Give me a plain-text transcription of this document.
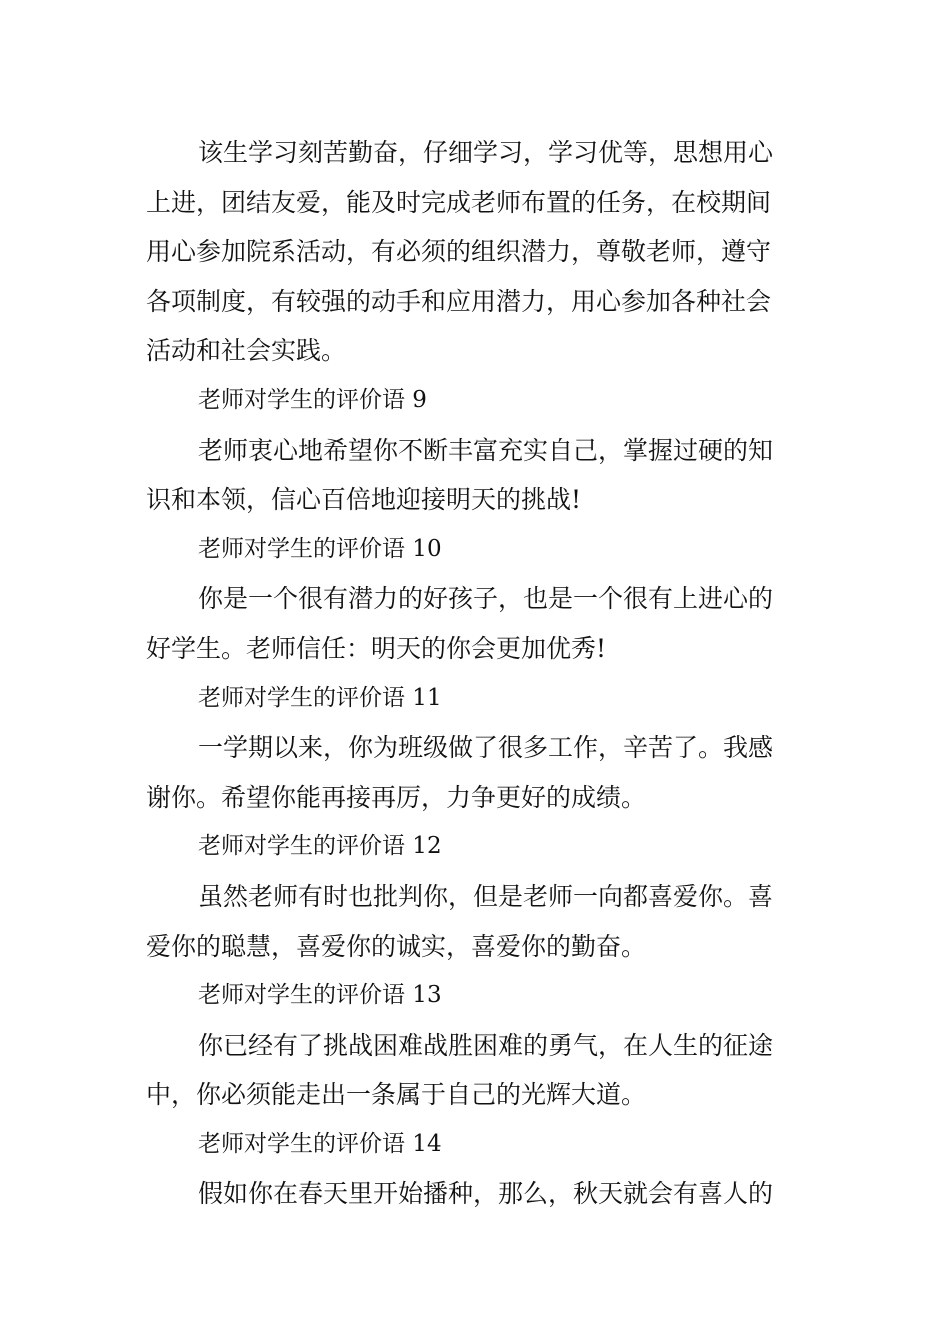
该生学习刻苦勤奋，仔细学习，学习优等，思想用心
上进，团结友爱，能及时完成老师布置的任务，在校期间
用心参加院系活动，有必须的组织潜力，尊敬老师，遵守
各项制度，有较强的动手和应用潜力，用心参加各种社会
活动和社会实践。
老师对学生的评价语 9
老师衷心地希望你不断丰富充实自己，掌握过硬的知
识和本领，信心百倍地迎接明天的挑战!
老师对学生的评价语 10
你是一个很有潜力的好孩子，也是一个很有上进心的
好学生。老师信任：明天的你会更加优秀!
老师对学生的评价语 11
一学期以来，你为班级做了很多工作，辛苦了。我感
谢你。希望你能再接再厉，力争更好的成绩。
老师对学生的评价语 12
虽然老师有时也批判你，但是老师一向都喜爱你。喜
爱你的聪慧，喜爱你的诚实，喜爱你的勤奋。
老师对学生的评价语 13
你已经有了挑战困难战胜困难的勇气，在人生的征途
中，你必须能走出一条属于自己的光辉大道。
老师对学生的评价语 14
假如你在春天里开始播种，那么，秋天就会有喜人的
